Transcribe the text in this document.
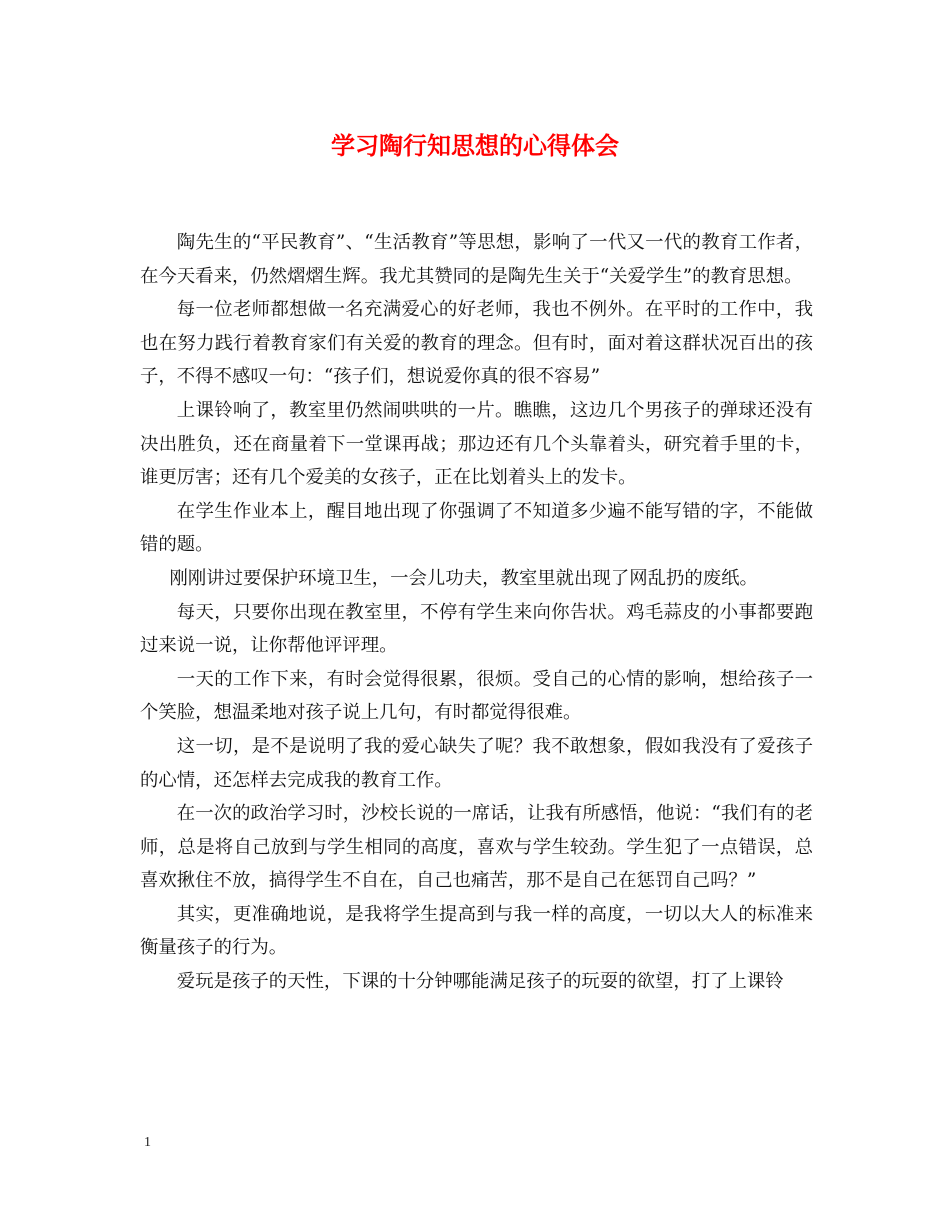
学习陶行知思想的心得体会

陶先生的“平民教育”、“生活教育”等思想，影响了一代又一代的教育工作者，在今天看来，仍然熠熠生辉。我尤其赞同的是陶先生关于“关爱学生”的教育思想。

每一位老师都想做一名充满爱心的好老师，我也不例外。在平时的工作中，我也在努力践行着教育家们有关爱的教育的理念。但有时，面对着这群状况百出的孩子，不得不感叹一句：“孩子们，想说爱你真的很不容易”

上课铃响了，教室里仍然闹哄哄的一片。瞧瞧，这边几个男孩子的弹球还没有决出胜负，还在商量着下一堂课再战；那边还有几个头靠着头，研究着手里的卡，谁更厉害；还有几个爱美的女孩子，正在比划着头上的发卡。

在学生作业本上，醒目地出现了你强调了不知道多少遍不能写错的字，不能做错的题。

刚刚讲过要保护环境卫生，一会儿功夫，教室里就出现了网乱扔的废纸。

每天，只要你出现在教室里，不停有学生来向你告状。鸡毛蒜皮的小事都要跑过来说一说，让你帮他评评理。

一天的工作下来，有时会觉得很累，很烦。受自己的心情的影响，想给孩子一个笑脸，想温柔地对孩子说上几句，有时都觉得很难。

这一切，是不是说明了我的爱心缺失了呢？我不敢想象，假如我没有了爱孩子的心情，还怎样去完成我的教育工作。

在一次的政治学习时，沙校长说的一席话，让我有所感悟，他说：“我们有的老师，总是将自己放到与学生相同的高度，喜欢与学生较劲。学生犯了一点错误，总喜欢揪住不放，搞得学生不自在，自己也痛苦，那不是自己在惩罚自己吗？”

其实，更准确地说，是我将学生提高到与我一样的高度，一切以大人的标准来衡量孩子的行为。

爱玩是孩子的天性，下课的十分钟哪能满足孩子的玩耍的欲望，打了上课铃

1
